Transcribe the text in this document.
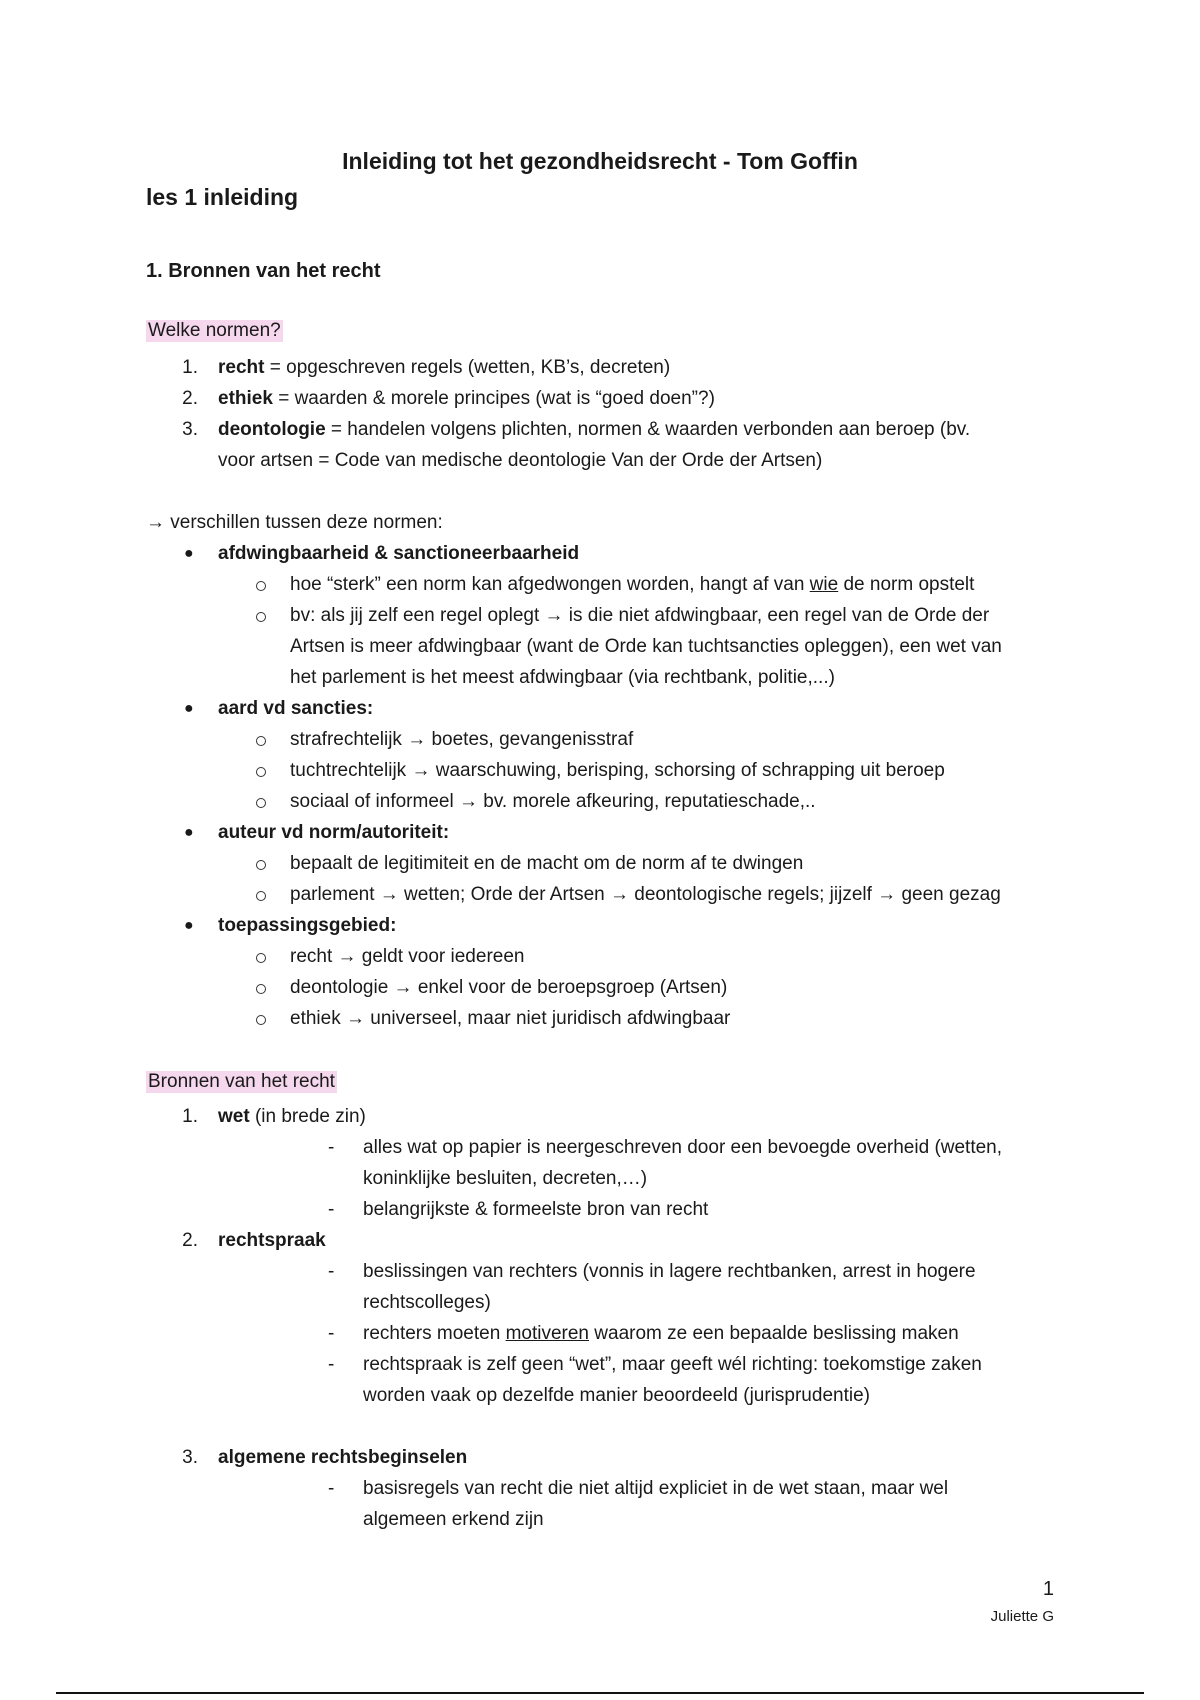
Inleiding tot het gezondheidsrecht - Tom Goffin
les 1 inleiding
1. Bronnen van het recht
Welke normen?
1. recht = opgeschreven regels (wetten, KB’s, decreten)
2. ethiek = waarden & morele principes (wat is “goed doen”?)
3. deontologie = handelen volgens plichten, normen & waarden verbonden aan beroep (bv.
voor artsen = Code van medische deontologie Van der Orde der Artsen)
→ verschillen tussen deze normen:
● afdwingbaarheid & sanctioneerbaarheid
hoe “sterk” een norm kan afgedwongen worden, hangt af van wie de norm opstelt
bv: als jij zelf een regel oplegt → is die niet afdwingbaar, een regel van de Orde der
Artsen is meer afdwingbaar (want de Orde kan tuchtsancties opleggen), een wet van
het parlement is het meest afdwingbaar (via rechtbank, politie,...)
● aard vd sancties:
strafrechtelijk → boetes, gevangenisstraf
tuchtrechtelijk → waarschuwing, berisping, schorsing of schrapping uit beroep
sociaal of informeel → bv. morele afkeuring, reputatieschade,..
● auteur vd norm/autoriteit:
bepaalt de legitimiteit en de macht om de norm af te dwingen
parlement → wetten; Orde der Artsen → deontologische regels; jijzelf → geen gezag
● toepassingsgebied:
recht → geldt voor iedereen
deontologie → enkel voor de beroepsgroep (Artsen)
ethiek → universeel, maar niet juridisch afdwingbaar
Bronnen van het recht
1. wet (in brede zin)
- alles wat op papier is neergeschreven door een bevoegde overheid (wetten,
koninklijke besluiten, decreten,…)
- belangrijkste & formeelste bron van recht
2. rechtspraak
- beslissingen van rechters (vonnis in lagere rechtbanken, arrest in hogere
rechtscolleges)
- rechters moeten motiveren waarom ze een bepaalde beslissing maken
- rechtspraak is zelf geen “wet”, maar geeft wél richting: toekomstige zaken
worden vaak op dezelfde manier beoordeeld (jurisprudentie)
3. algemene rechtsbeginselen
- basisregels van recht die niet altijd expliciet in de wet staan, maar wel
algemeen erkend zijn
1
Juliette G
